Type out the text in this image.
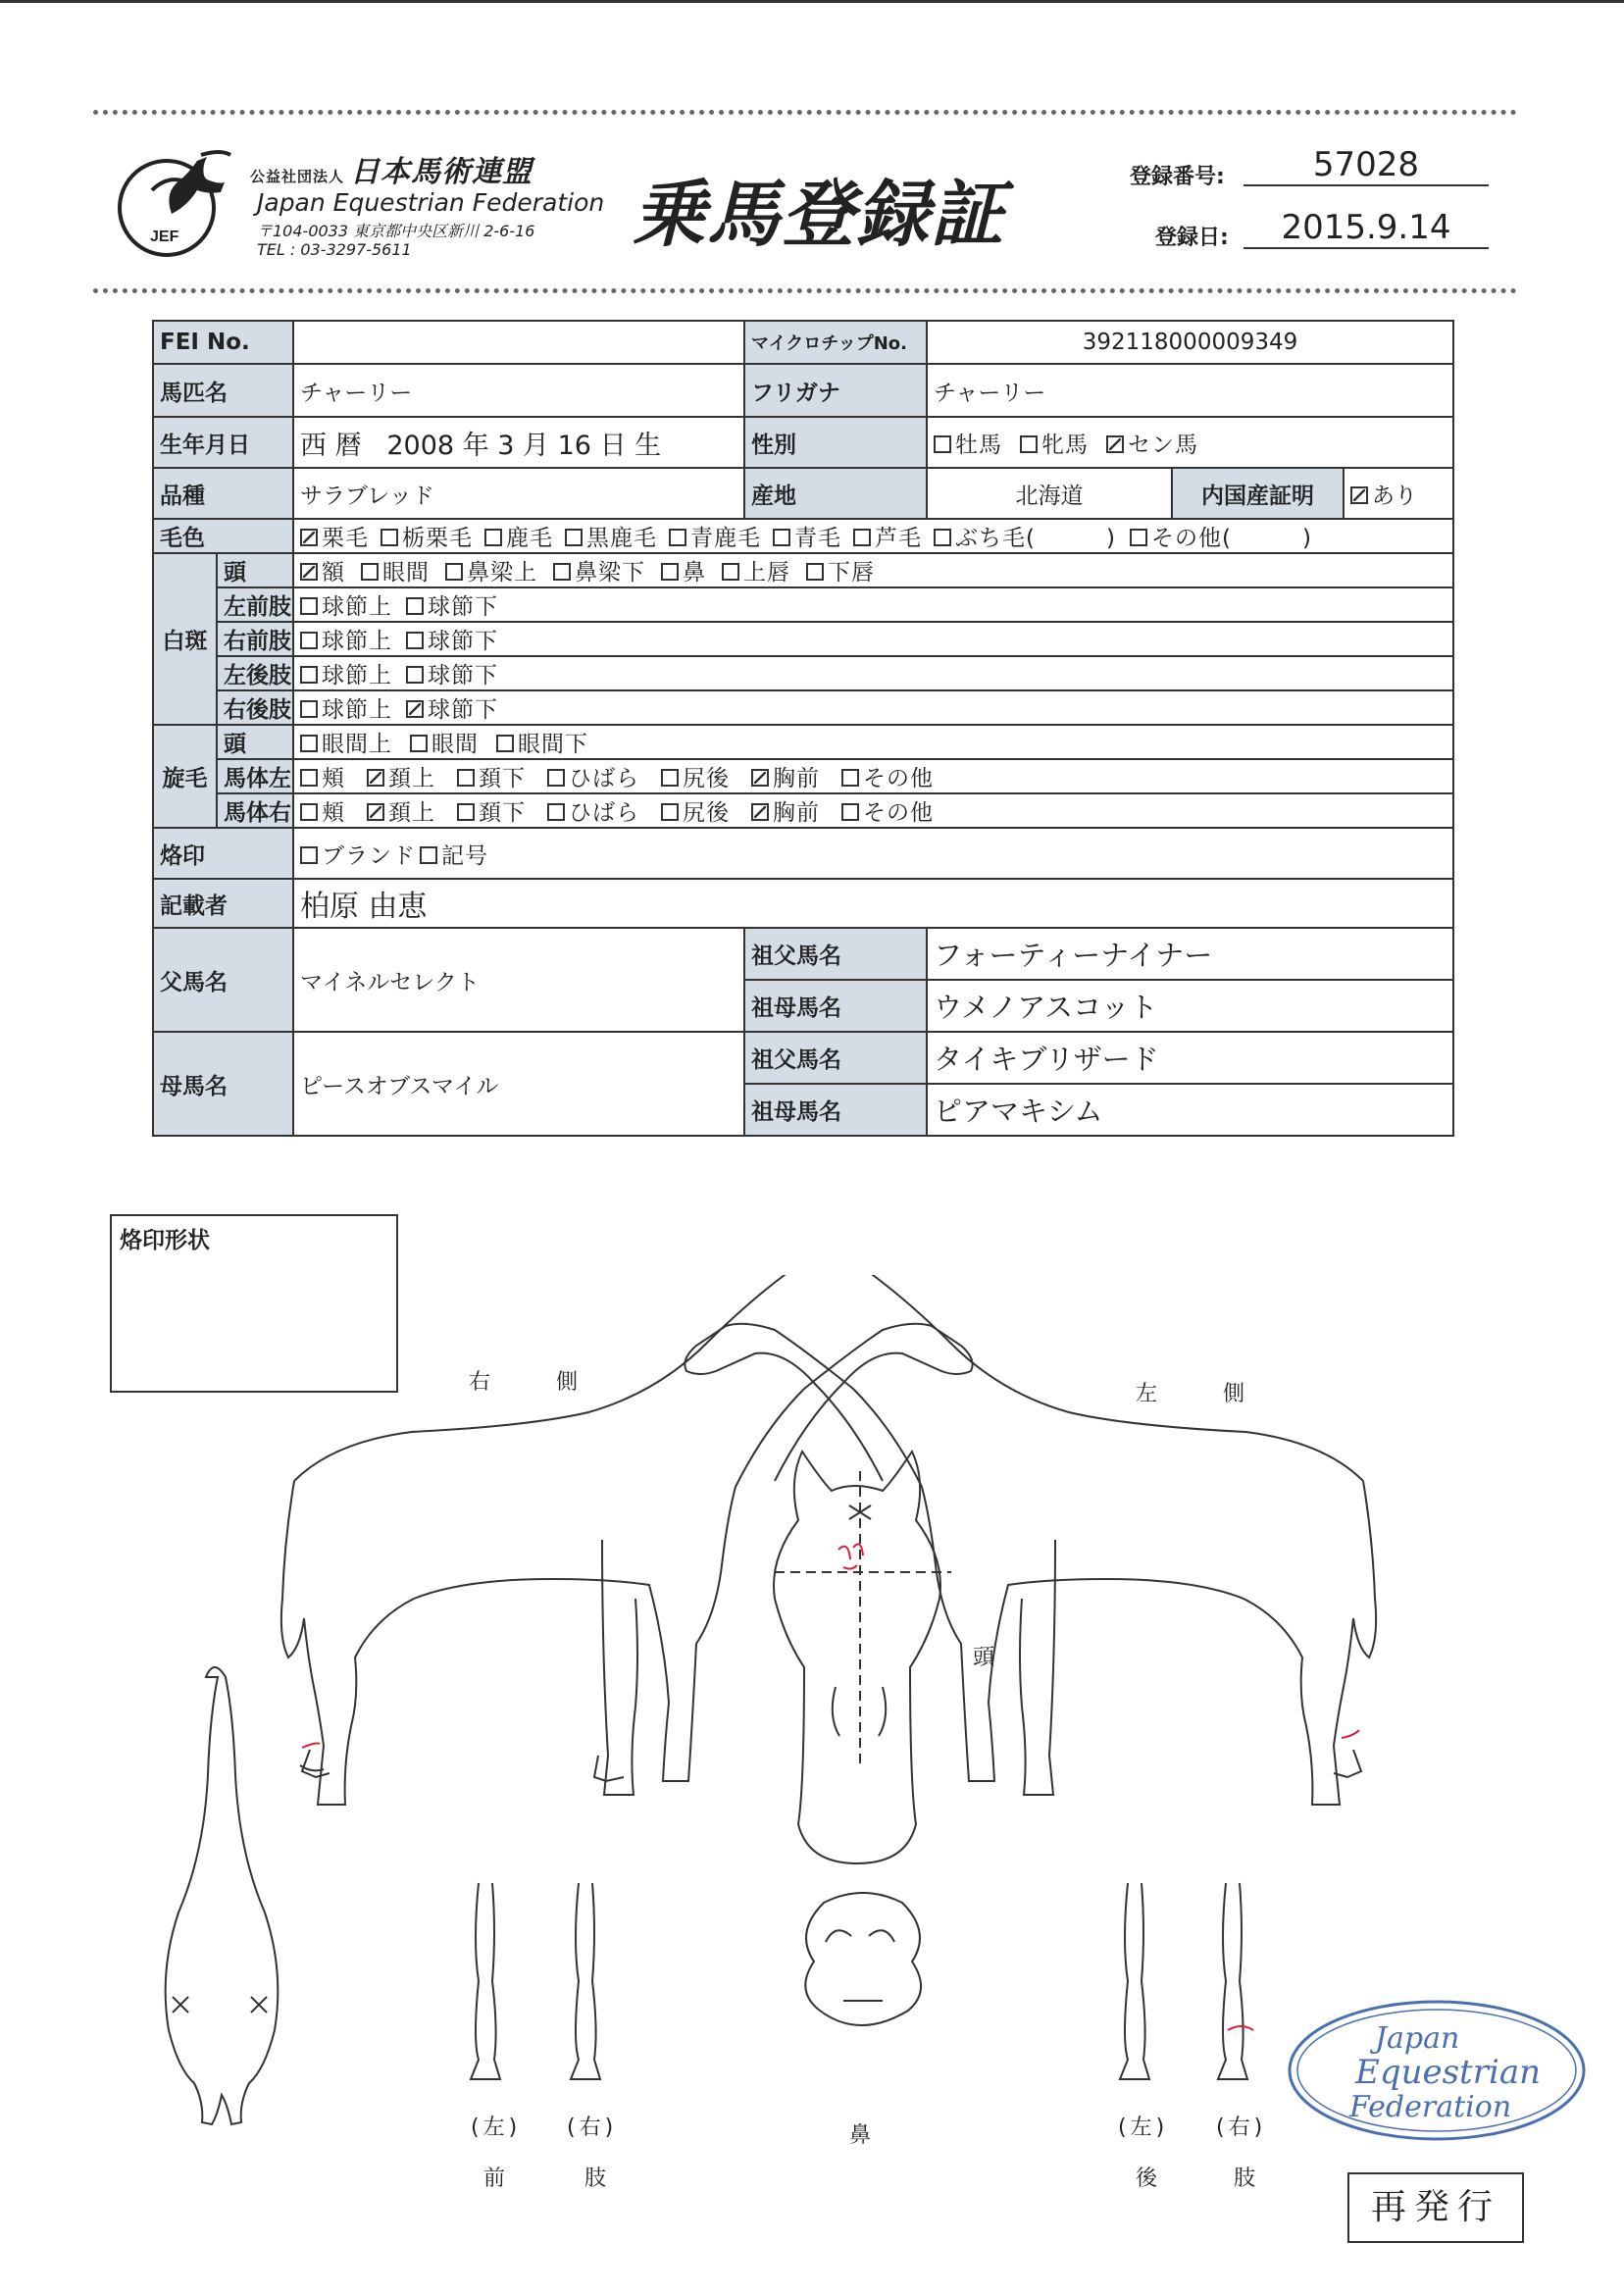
JEF
公益社団法人 日本馬術連盟
Japan Equestrian Federation
〒104-0033 東京都中央区新川 2-6-16
TEL : 03-3297-5611	乗馬登録証	登録番号:	57028
登録日:	2015.9.14
FEI No.			マイクロチップNo.	392118000009349		
馬匹名		チャーリー	フリガナ	チャーリー		
生年月日		西 暦 2008 年 3 月 16 日 生	性別	牡馬 牝馬 セン馬		
品種		サラブレッド	産地	北海道	内国産証明	あり
毛色		栗毛 栃栗毛 鹿毛 黒鹿毛 青鹿毛 青毛 芦毛 ぶち毛( ) その他( )				
白斑	頭	額 眼間 鼻梁上 鼻梁下 鼻 上唇 下唇				
	左前肢	球節上 球節下				
	右前肢	球節上 球節下				
	左後肢	球節上 球節下				
	右後肢	球節上 球節下				
旋毛	頭	眼間上 眼間 眼間下				
	馬体左	頬 頚上 頚下 ひばら 尻後 胸前 その他				
	馬体右	頬 頚上 頚下 ひばら 尻後 胸前 その他				
烙印		ブランド 記号				
記載者		柏原 由恵				
父馬名		マイネルセレクト	祖父馬名	フォーティーナイナー		
			祖母馬名	ウメノアスコット		
母馬名		ピースオブスマイル	祖父馬名	タイキブリザード		
			祖母馬名	ピアマキシム		
烙印形状
右 側	左 側
頭
鼻
(左) (右)
前	肢
(左) (右)
後	肢
Japan
Equestrian
Federation
再発行
